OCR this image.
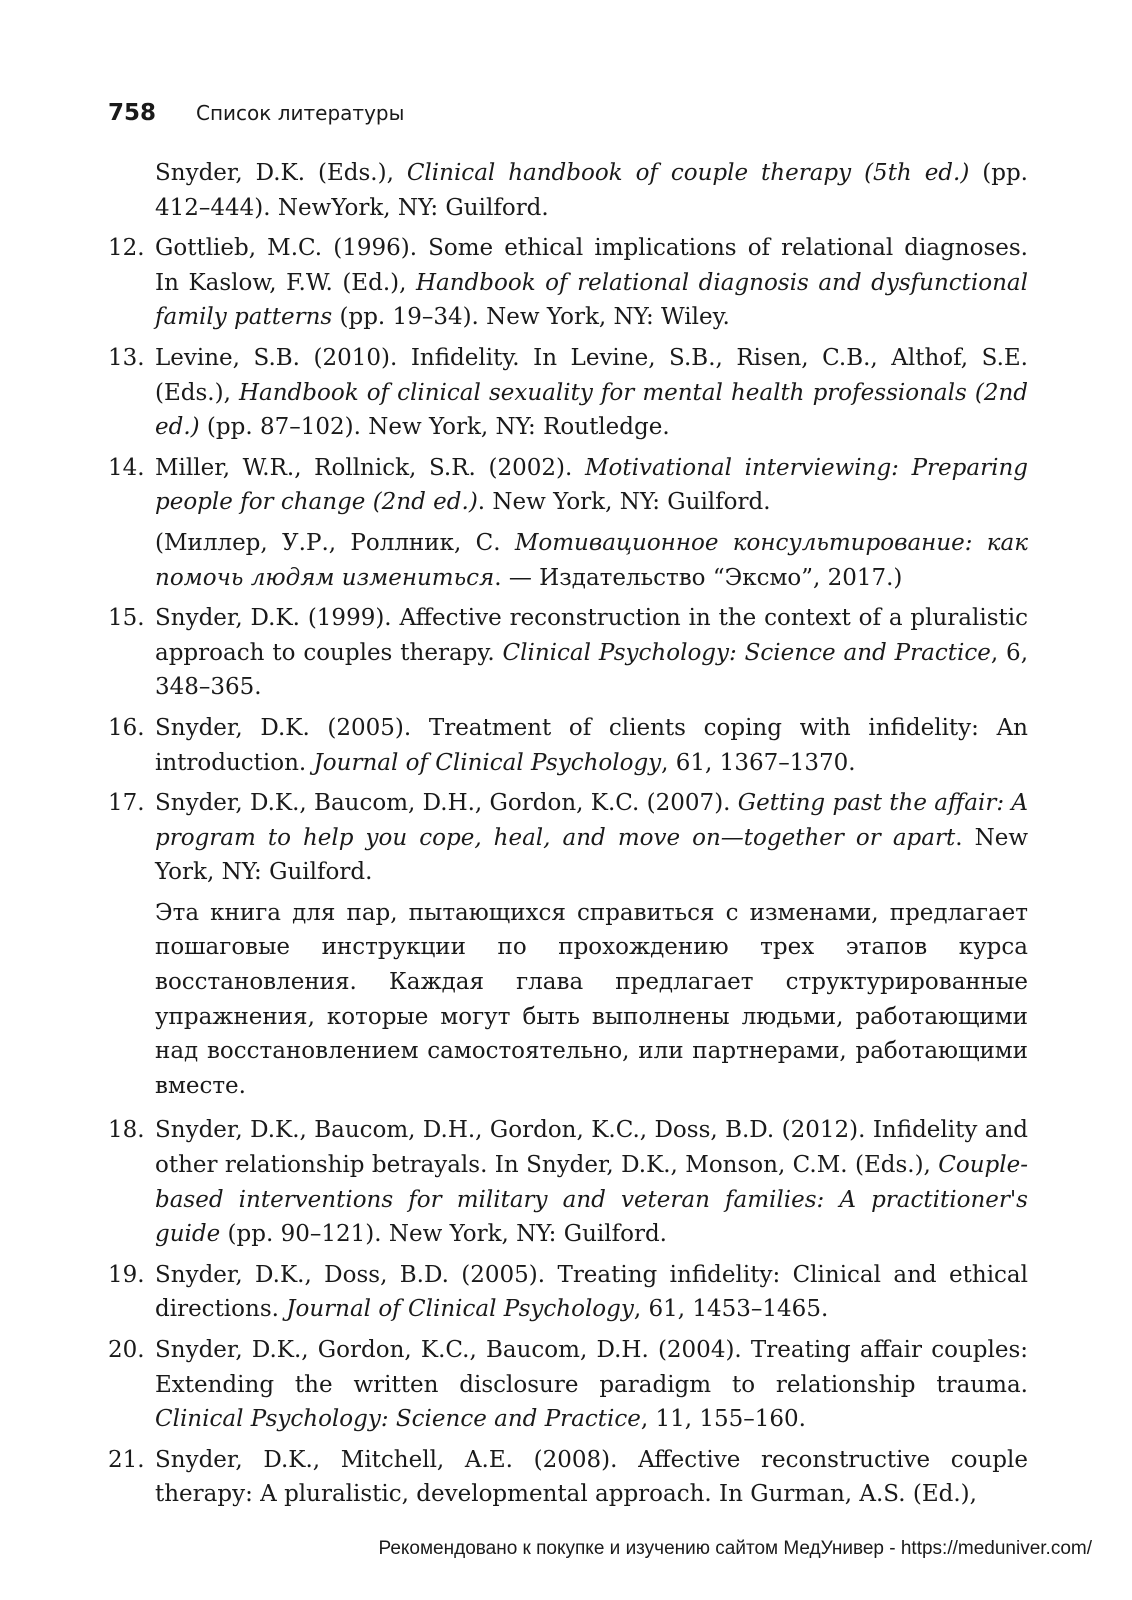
758 Список литературы

Snyder, D.K. (Eds.), Clinical handbook of couple therapy (5th ed.) (pp. 412–444). NewYork, NY: Guilford.

12. Gottlieb, M.C. (1996). Some ethical implications of relational diagnoses. In Kaslow, F.W. (Ed.), Handbook of relational diagnosis and dysfunctional family patterns (pp. 19–34). New York, NY: Wiley.
13. Levine, S.B. (2010). Infidelity. In Levine, S.B., Risen, C.B., Althof, S.E. (Eds.), Handbook of clinical sexuality for mental health professionals (2nd ed.) (pp. 87–102). New York, NY: Routledge.
14. Miller, W.R., Rollnick, S.R. (2002). Motivational interviewing: Preparing people for change (2nd ed.). New York, NY: Guilford.

(Миллер, У.Р., Роллник, С. Мотивационное консультирование: как помочь людям измениться. — Издательство “Эксмо”, 2017.)

15. Snyder, D.K. (1999). Affective reconstruction in the context of a pluralistic approach to couples therapy. Clinical Psychology: Science and Practice, 6, 348–365.
16. Snyder, D.K. (2005). Treatment of clients coping with infidelity: An introduction. Journal of Clinical Psychology, 61, 1367–1370.
17. Snyder, D.K., Baucom, D.H., Gordon, K.C. (2007). Getting past the affair: A program to help you cope, heal, and move on—together or apart. New York, NY: Guilford.

Эта книга для пар, пытающихся справиться с изменами, предлагает пошаговые инструкции по прохождению трех этапов курса восстановления. Каждая глава предлагает структурированные упражнения, которые могут быть выполнены людьми, работающими над восстановлением самостоятельно, или партнерами, работающими вместе.

18. Snyder, D.K., Baucom, D.H., Gordon, K.C., Doss, B.D. (2012). Infidelity and other relationship betrayals. In Snyder, D.K., Monson, C.M. (Eds.), Couple-based interventions for military and veteran families: A practitioner's guide (pp. 90–121). New York, NY: Guilford.
19. Snyder, D.K., Doss, B.D. (2005). Treating infidelity: Clinical and ethical directions. Journal of Clinical Psychology, 61, 1453–1465.
20. Snyder, D.K., Gordon, K.C., Baucom, D.H. (2004). Treating affair couples: Extending the written disclosure paradigm to relationship trauma. Clinical Psychology: Science and Practice, 11, 155–160.
21. Snyder, D.K., Mitchell, A.E. (2008). Affective reconstructive couple therapy: A pluralistic, developmental approach. In Gurman, A.S. (Ed.),
Рекомендовано к покупке и изучению сайтом МедУнивер - https://meduniver.com/
